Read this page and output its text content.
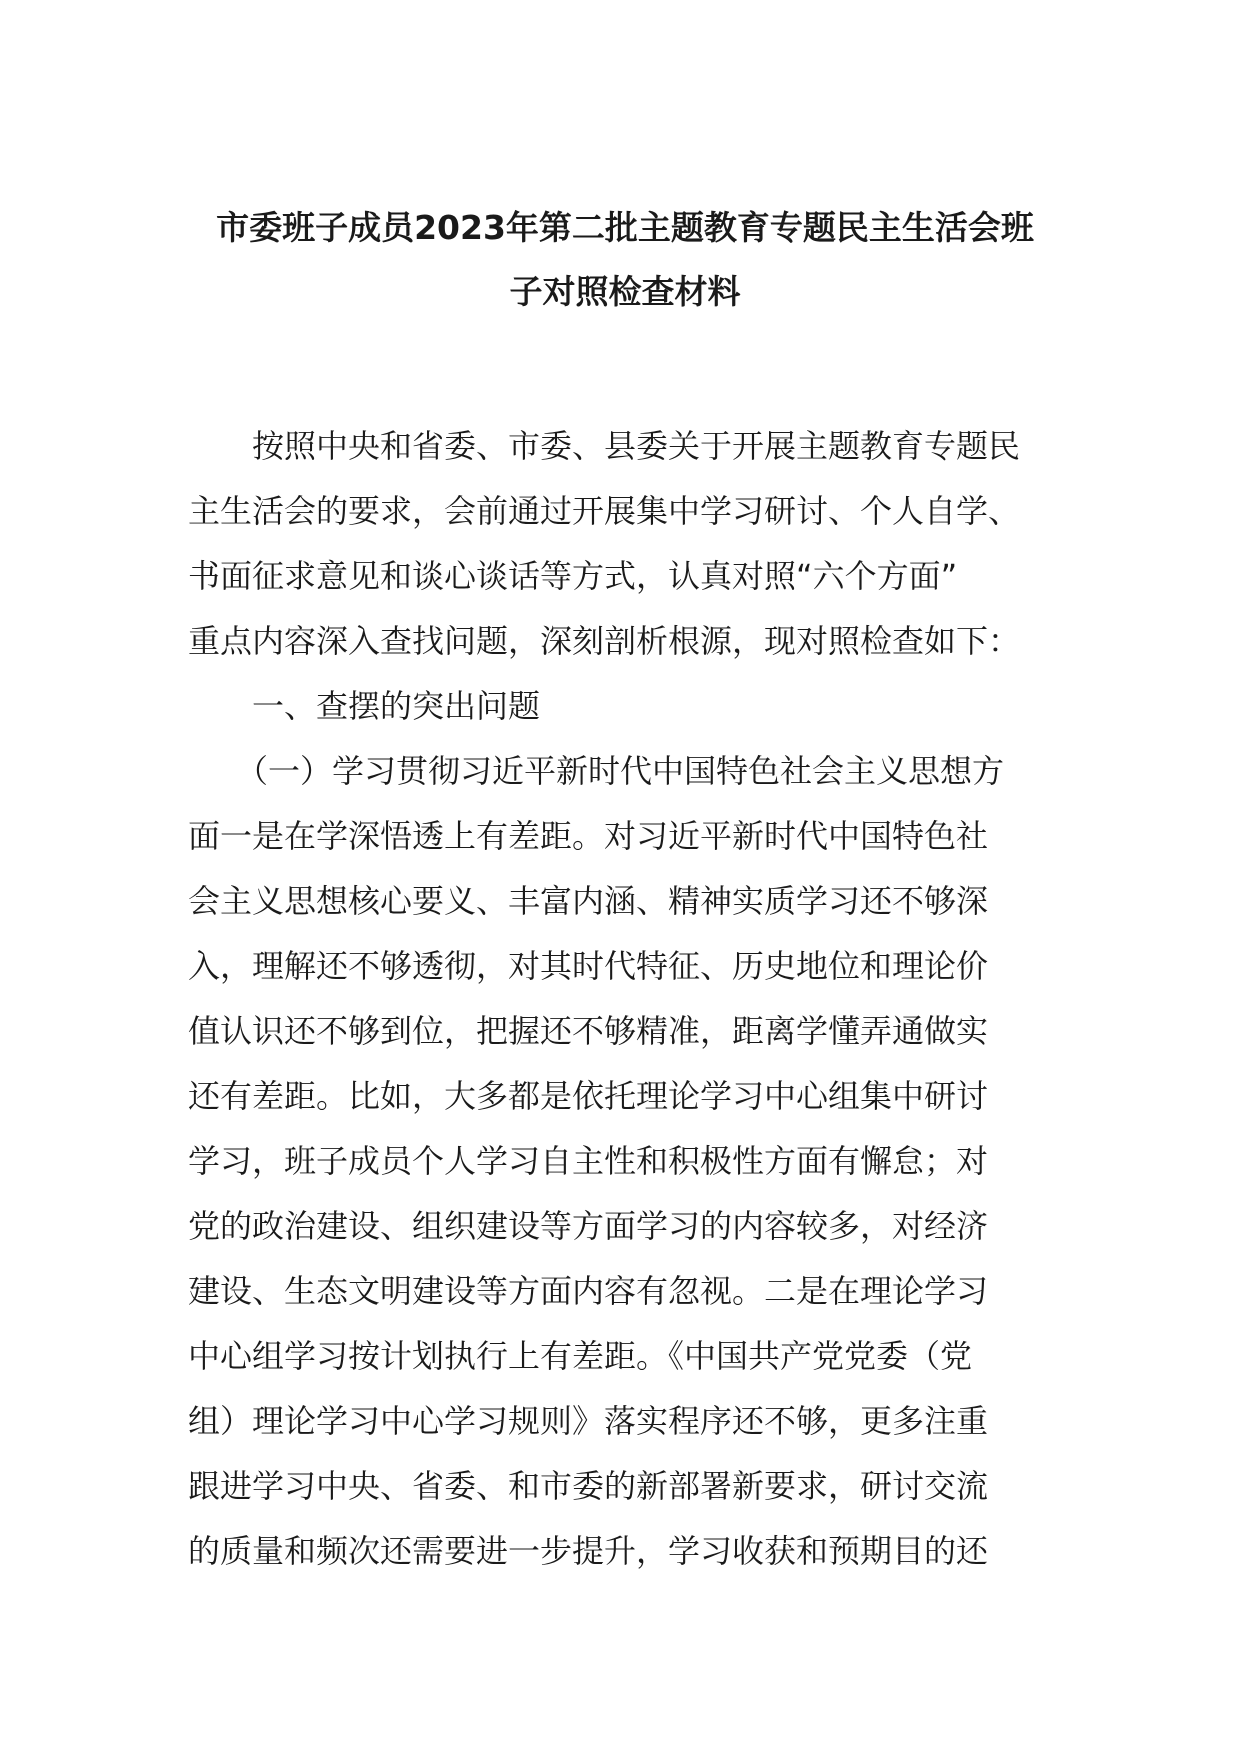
市委班子成员2023年第二批主题教育专题民主生活会班
子对照检查材料
　　按照中央和省委、市委、县委关于开展主题教育专题民
主生活会的要求，会前通过开展集中学习研讨、个人自学、
书面征求意见和谈心谈话等方式，认真对照“六个方面”
重点内容深入查找问题，深刻剖析根源，现对照检查如下：
　　一、查摆的突出问题
　　（一）学习贯彻习近平新时代中国特色社会主义思想方
面一是在学深悟透上有差距。对习近平新时代中国特色社
会主义思想核心要义、丰富内涵、精神实质学习还不够深
入，理解还不够透彻，对其时代特征、历史地位和理论价
值认识还不够到位，把握还不够精准，距离学懂弄通做实
还有差距。比如，大多都是依托理论学习中心组集中研讨
学习，班子成员个人学习自主性和积极性方面有懈怠；对
党的政治建设、组织建设等方面学习的内容较多，对经济
建设、生态文明建设等方面内容有忽视。二是在理论学习
中心组学习按计划执行上有差距。《中国共产党党委（党
组）理论学习中心学习规则》落实程序还不够，更多注重
跟进学习中央、省委、和市委的新部署新要求，研讨交流
的质量和频次还需要进一步提升，学习收获和预期目的还
